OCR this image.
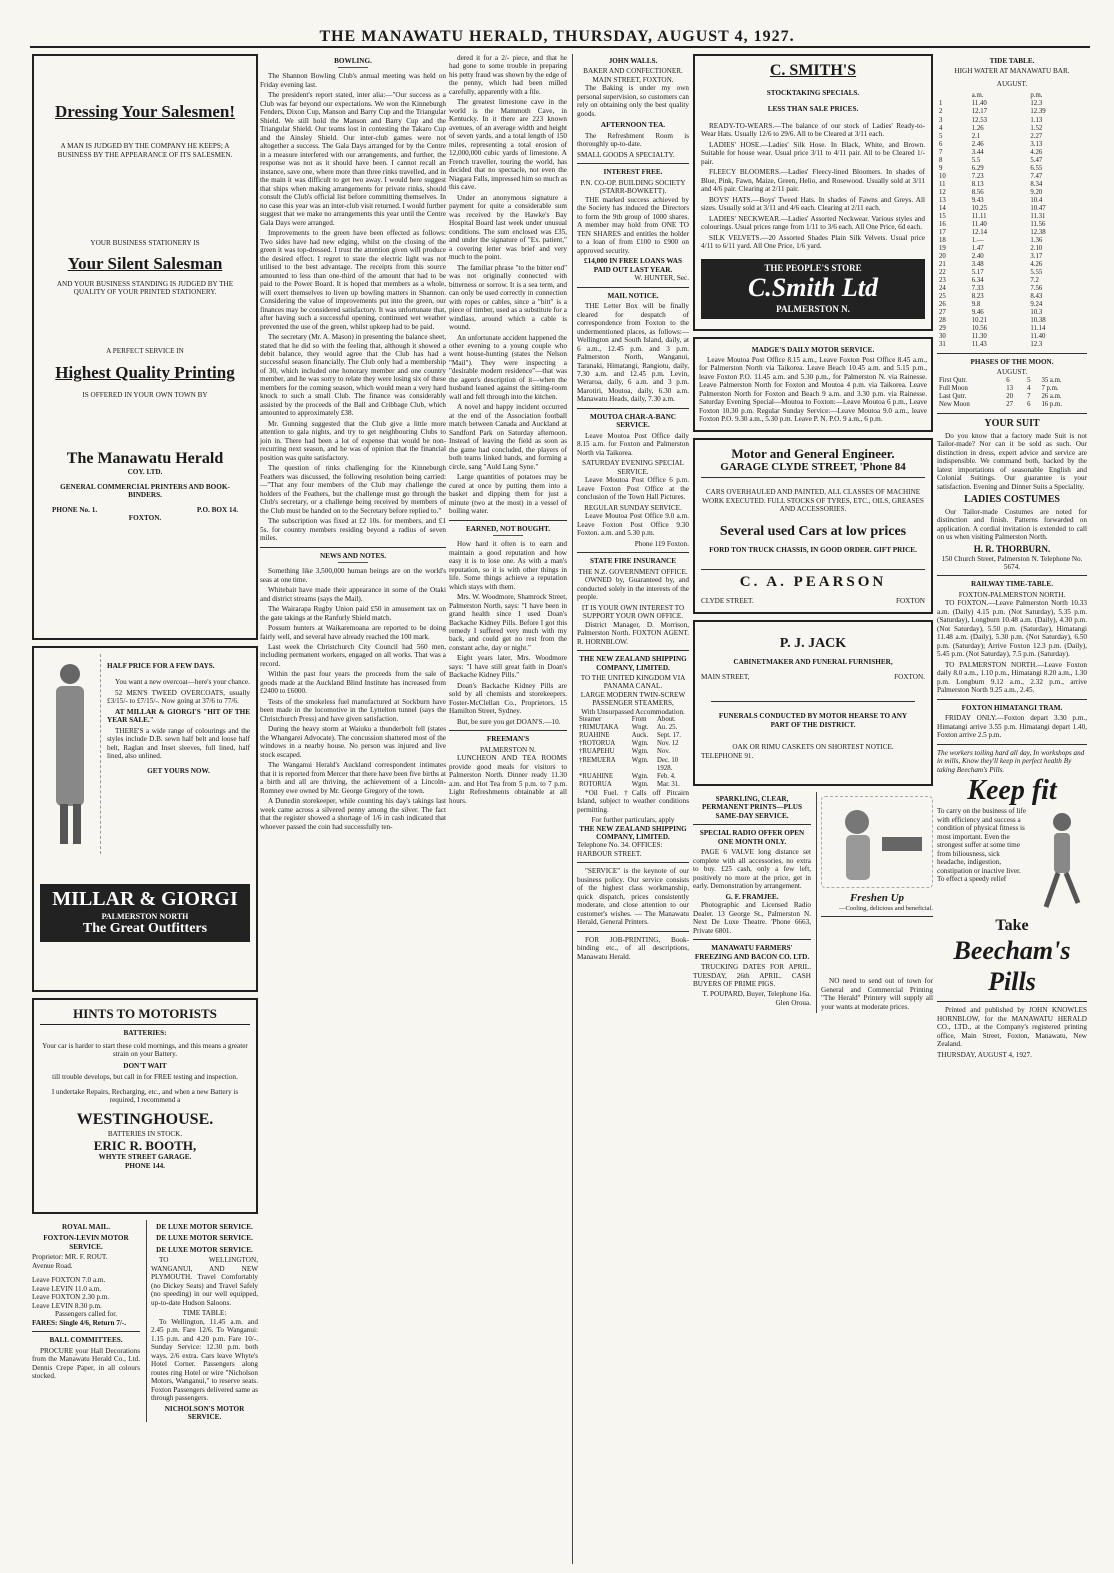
THE MANAWATU HERALD, THURSDAY, AUGUST 4, 1927.
Dressing Your Salesmen!
A MAN IS JUDGED BY THE COMPANY HE KEEPS; A BUSINESS BY THE APPEARANCE OF ITS SALESMEN.
YOUR BUSINESS STATIONERY IS
Your Silent Salesman
AND YOUR BUSINESS STANDING IS JUDGED BY THE QUALITY OF YOUR PRINTED STATIONERY.
A PERFECT SERVICE IN
Highest Quality Printing
IS OFFERED IN YOUR OWN TOWN BY
The Manawatu Herald
COY. LTD.
GENERAL COMMERCIAL PRINTERS AND BOOK-BINDERS.
PHONE No. 1.	P.O. BOX 14.
FOXTON.
HALF PRICE FOR A FEW DAYS.

You want a new overcoat—here's your chance.

52 MEN'S TWEED OVERCOATS, usually £3/15/- to £7/15/-. Now going at 37/6 to 77/6.

AT MILLAR & GIORGI'S "HIT OF THE YEAR SALE."

THERE'S a wide range of colourings and the styles include D.B. sewn half belt and loose half belt, Raglan and Inset sleeves, full lined, half lined, also unlined.

GET YOURS NOW.
MILLAR & GIORGI
PALMERSTON NORTH
The Great Outfitters
HINTS TO MOTORISTS
BATTERIES:
Your car is harder to start these cold mornings, and this means a greater strain on your Battery.
DON'T WAIT
till trouble develops, but call in for FREE testing and inspection.
I undertake Repairs, Recharging, etc., and when a new Battery is required, I recommend a
WESTINGHOUSE.
BATTERIES IN STOCK.
ERIC R. BOOTH,
WHYTE STREET GARAGE.
PHONE 144.
ROYAL MAIL.
FOXTON-LEVIN MOTOR SERVICE.
Proprietor: MR. F. ROUT.
Avenue Road.
Leave FOXTON 7.0 a.m.
Leave LEVIN 11.0 a.m.
Leave FOXTON 2.30 p.m.
Leave LEVIN 8.30 p.m.
Passengers called for.
FARES: Single 4/6, Return 7/-.
BALL COMMITTEES.

PROCURE your Hall Decorations from the Manawatu Herald Co., Ltd. Dennis Crepe Paper, in all colours stocked.

DE LUXE MOTOR SERVICE.
DE LUXE MOTOR SERVICE.
DE LUXE MOTOR SERVICE.

TO WELLINGTON, WANGANUI, AND NEW PLYMOUTH. Travel Comfortably (no Dickey Seats) and Travel Safely (no speeding) in our well equipped, up-to-date Hudson Saloons.

TIME TABLE:

To Wellington, 11.45 a.m. and 2.45 p.m. Fare 12/6. To Wanganui: 1.15 p.m. and 4.20 p.m. Fare 10/-. Sunday Service: 12.30 p.m. both ways. 2/6 extra. Cars leave Whyte's Hotel Corner. Passengers along routes ring Hotel or wire "Nicholson Motors, Wanganui," to reserve seats. Foxton Passengers delivered same as through passengers.

NICHOLSON'S MOTOR SERVICE.
BOWLING.

The Shannon Bowling Club's annual meeting was held on Friday evening last.

The president's report stated, inter alia:—"Our success as a Club was far beyond our expectations. We won the Kinneburgh Fenders, Dixon Cup, Manson and Barry Cup and the Triangular Shield. We still hold the Manson and Barry Cup and the Triangular Shield. Our teams lost in contesting the Takaro Cup and the Ainsley Shield. Our inter-club games were not altogether a success. The Gala Days arranged for by the Centre in a measure interfered with our arrangements, and further, the response was not as it should have been. I cannot recall an instance, save one, where more than three rinks travelled, and in the main it was difficult to get two away. I would here suggest that ships when making arrangements for private rinks, should consult the Club's official list before committing themselves. In no case this year was an inter-club visit returned. I would further suggest that we make no arrangements this year until the Centre Gala Days were arranged.

Improvements to the green have been effected as follows: Two sides have had new edging, whilst on the closing of the green it was top-dressed. I trust the attention given will produce the desired effect. I regret to state the electric light was not utilised to the best advantage. The receipts from this source amounted to less than one-third of the amount that had to be paid to the Power Board. It is hoped that members as a whole, will exert themselves to liven up bowling matters in Shannon. Considering the value of improvements put into the green, our finances may be considered satisfactory. It was unfortunate that, after having such a successful opening, continued wet weather prevented the use of the green, whilst upkeep had to be paid.

The secretary (Mr. A. Mason) in presenting the balance sheet, stated that he did so with the feeling that, although it showed a debit balance, they would agree that the Club has had a successful season financially. The Club only had a membership of 30, which included one honorary member and one country member, and he was sorry to relate they were losing six of these members for the coming season, which would mean a very hard knock to such a small Club. The finance was considerably assisted by the proceeds of the Ball and Cribbage Club, which amounted to approximately £38.

Mr. Gunning suggested that the Club give a little more attention to gala nights, and try to get neighbouring Clubs to join in. There had been a lot of expense that would be non-recurring next season, and he was of opinion that the financial position was quite satisfactory.

The question of rinks challenging for the Kinneburgh Feathers was discussed, the following resolution being carried:—"That any four members of the Club may challenge the holders of the Feathers, but the challenge must go through the Club's secretary, or a challenge being received by members of the Club must be handed on to the Secretary before replied to."

The subscription was fixed at £2 10s. for members, and £1 5s. for country members residing beyond a radius of seven miles.

NEWS AND NOTES.

Something like 3,500,000 human beings are on the world's seas at one time.

Whitebait have made their appearance in some of the Otaki and district streams (says the Mail).

The Wairarapa Rugby Union paid £50 in amusement tax on the gate takings at the Ranfurly Shield match.

Possum hunters at Waikaremoana are reported to be doing fairly well, and several have already reached the 100 mark.

Last week the Christchurch City Council had 560 men, including permanent workers, engaged on all works. That was a record.

Within the past four years the proceeds from the sale of goods made at the Auckland Blind Institute has increased from £2400 to £6000.

Tests of the smokeless fuel manufactured at Sockburn have been made in the locomotive in the Lyttelton tunnel (says the Christchurch Press) and have given satisfaction.

During the heavy storm at Waiuku a thunderbolt fell (states the Whangarei Advocate). The concussion shattered most of the windows in a nearby house. No person was injured and live stock escaped.

The Wanganui Herald's Auckland correspondent intimates that it is reported from Mercer that there have been five births at a birth and all are thriving, the achievement of a Lincoln-Romney ewe owned by Mr. George Gregory of the town.

A Dunedin storekeeper, while counting his day's takings last week came across a silvered penny among the silver. The fact that the register showed a shortage of 1/6 in cash indicated that whoever passed the coin had successfully ten-

dered it for a 2/- piece, and that he had gone to some trouble in preparing his petty fraud was shown by the edge of the penny, which had been milled carefully, apparently with a file.

The greatest limestone cave in the world is the Mammoth Cave, in Kentucky. In it there are 223 known avenues, of an average width and height of seven yards, and a total length of 150 miles, representing a total erosion of 12,000,000 cubic yards of limestone. A French traveller, touring the world, has decided that no spectacle, not even the Niagara Falls, impressed him so much as this cave.

Under an anonymous signature a payment for quite a considerable sum was received by the Hawke's Bay Hospital Board last week under unusual conditions. The sum enclosed was £35, and under the signature of "Ex. patient," a covering letter was brief and very much to the point.

The familiar phrase "to the bitter end" was not originally connected with bitterness or sorrow. It is a sea term, and can only be used correctly in connection with ropes or cables, since a "bitt" is a piece of timber, used as a substitute for a windlass, around which a cable is wound.

An unfortunate accident happened the other evening to a young couple who went house-hunting (states the Nelson "Mail"). They were inspecting a "desirable modern residence"—that was the agent's description of it—when the husband leaned against the sitting-room wall and fell through into the kitchen.

A novel and happy incident occurred at the end of the Association football match between Canada and Auckland at Sandford Park on Saturday afternoon. Instead of leaving the field as soon as the game had concluded, the players of both teams linked hands, and forming a circle, sang "Auld Lang Syne."

Large quantities of potatoes may be cured at once by putting them into a basket and dipping them for just a minute (two at the most) in a vessel of boiling water.

EARNED, NOT BOUGHT.

How hard it often is to earn and maintain a good reputation and how easy it is to lose one. As with a man's reputation, so it is with other things in life. Some things achieve a reputation which stays with them.

Mrs. W. Woodmore, Shamrock Street, Palmerston North, says: "I have been in grand health since I used Doan's Backache Kidney Pills. Before I got this remedy I suffered very much with my back, and could get no rest from the constant ache, day or night."

Eight years later, Mrs. Woodmore says: "I have still great faith in Doan's Backache Kidney Pills."

Doan's Backache Kidney Pills are sold by all chemists and storekeepers. Foster-McClellan Co., Proprietors, 15 Hamilton Street, Sydney.

But, be sure you get DOAN'S.—10.

FREEMAN'S
PALMERSTON N.

LUNCHEON AND TEA ROOMS provide good meals for visitors to Palmerston North. Dinner ready 11.30 a.m. and Hot Tea from 5 p.m. to 7 p.m. Light Refreshments obtainable at all hours.

JOHN WALLS.
BAKER AND CONFECTIONER.
MAIN STREET, FOXTON.

The Baking is under my own personal supervision, so customers can rely on obtaining only the best quality goods.

AFTERNOON TEA.

The Refreshment Room is thoroughly up-to-date.

SMALL GOODS A SPECIALTY.
INTEREST FREE.
P.N. CO-OP. BUILDING SOCIETY (STARR-BOWKETT).

THE marked success achieved by the Society has induced the Directors to form the 9th group of 1000 shares. A member may hold from ONE TO TEN SHARES and entitles the holder to a loan of from £100 to £900 on approved security.

£14,000 IN FREE LOANS WAS PAID OUT LAST YEAR.
W. HUNTER, Sec.
MAIL NOTICE.

THE Letter Box will be finally cleared for despatch of correspondence from Foxton to the undermentioned places, as follows:— Wellington and South Island, daily, at 6 a.m., 12.45 p.m. and 3 p.m. Palmerston North, Wanganui, Taranaki, Himatangi, Rangiotu, daily, 7.30 a.m. and 12.45 p.m. Levin, Weraroa, daily, 6 a.m. and 3 p.m. Marotiri, Moutoa, daily, 6.30 a.m. Manawatu Heads, daily, 7.30 a.m.

MOUTOA CHAR-A-BANC SERVICE.

Leave Moutoa Post Office daily 8.15 a.m. for Foxton and Palmerston North via Taikorea.

SATURDAY EVENING SPECIAL SERVICE.

Leave Moutoa Post Office 6 p.m. Leave Foxton Post Office at the conclusion of the Town Hall Pictures.

REGULAR SUNDAY SERVICE.

Leave Moutoa Post Office 9.0 a.m. Leave Foxton Post Office 9.30 Foxton. a.m. and 5.30 p.m.

Phone 119 Foxton.
STATE FIRE INSURANCE
THE N.Z. GOVERNMENT OFFICE.

OWNED by, Guaranteed by, and conducted solely in the interests of the people.

IT IS YOUR OWN INTEREST TO SUPPORT YOUR OWN OFFICE.

District Manager, D. Morrison, Palmerston North. FOXTON AGENT. R. HORNBLOW.

THE NEW ZEALAND SHIPPING COMPANY, LIMITED.
TO THE UNITED KINGDOM VIA PANAMA CANAL.
LARGE MODERN TWIN-SCREW PASSENGER STEAMERS,
With Unsurpassed Accommodation.
Steamer	From	About.
†RIMUTAKA	Wngt.	Au. 25.
RUAHINE	Auck.	Sept. 17.
†ROTORUA	Wgtn.	Nov. 12
†RUAPEHU	Wgtn.	Nov.
†REMUERA	Wgtn.	Dec. 10
		1928.
*RUAHINE	Wgtn.	Feb. 4.
ROTORUA	Wgtn.	Mar. 31.

*Oil Fuel. †Calls off Pitcairn Island, subject to weather conditions permitting.

For further particulars, apply
THE NEW ZEALAND SHIPPING COMPANY, LIMITED.
Telephone No. 34. OFFICES: HARBOUR STREET.

"SERVICE" is the keynote of our business policy. Our service consists of the highest class workmanship, quick dispatch, prices consistently moderate, and close attention to our customer's wishes. — The Manawatu Herald, General Printers.

FOR JOB-PRINTING, Book-binding etc., of all descriptions, Manawatu Herald.

C. SMITH'S
STOCKTAKING SPECIALS.
LESS THAN SALE PRICES.

READY-TO-WEARS.—The balance of our stock of Ladies' Ready-to-Wear Hats. Usually 12/6 to 29/6. All to be Cleared at 3/11 each.

LADIES' HOSE.—Ladies' Silk Hose. In Black, White, and Brown. Suitable for house wear. Usual price 3/11 to 4/11 pair. All to be Cleared 1/- pair.

FLEECY BLOOMERS.—Ladies' Fleecy-lined Bloomers. In shades of Blue, Pink, Fawn, Maize, Green, Helio, and Rosewood. Usually sold at 3/11 and 4/6 pair. Clearing at 2/11 pair.

BOYS' HATS.—Boys' Tweed Hats. In shades of Fawns and Greys. All sizes. Usually sold at 3/11 and 4/6 each. Clearing at 2/11 each.

LADIES' NECKWEAR.—Ladies' Assorted Neckwear. Various styles and colourings. Usual prices range from 1/11 to 3/6 each. All One Price, 6d each.

SILK VELVETS.—20 Assorted Shades Plain Silk Velvets. Usual price 4/11 to 6/11 yard. All One Price, 1/6 yard.

THE PEOPLE'S STORE
C.Smith Ltd
PALMERSTON N.
MADGE'S DAILY MOTOR SERVICE.

Leave Moutoa Post Office 8.15 a.m., Leave Foxton Post Office 8.45 a.m., for Palmerston North via Taikorea. Leave Beach 10.45 a.m. and 5.15 p.m., leave Foxton P.O. 11.45 a.m. and 5.30 p.m., for Palmerston N. via Rainesse. Leave Palmerston North for Foxton and Moutoa 4 p.m. via Taikorea. Leave Palmerston North for Foxton and Beach 9 a.m. and 3.30 p.m. via Rainesse. Saturday Evening Special—Moutoa to Foxton:—Leave Moutoa 6 p.m., Leave Foxton 10.30 p.m. Regular Sunday Service:—Leave Moutoa 9.0 a.m., leave Foxton P.O. 9.30 a.m., 5.30 p.m. Leave P. N. P.O. 9 a.m., 6 p.m.

Motor and General Engineer.
GARAGE CLYDE STREET, 'Phone 84
CARS OVERHAULED AND PAINTED, ALL CLASSES OF MACHINE WORK EXECUTED. FULL STOCKS OF TYRES, ETC., OILS, GREASES AND ACCESSORIES.
Several used Cars at low prices
FORD TON TRUCK CHASSIS, IN GOOD ORDER. GIFT PRICE.
C. A. PEARSON
CLYDE STREET.	FOXTON
P. J. JACK
CABINETMAKER AND FUNERAL FURNISHER,
MAIN STREET,	FOXTON.
FUNERALS CONDUCTED BY MOTOR HEARSE TO ANY PART OF THE DISTRICT.
OAK OR RIMU CASKETS ON SHORTEST NOTICE.
TELEPHONE 91.
SPARKLING, CLEAR, PERMANENT PRINTS—PLUS SAME-DAY SERVICE.
SPECIAL RADIO OFFER OPEN ONE MONTH ONLY.

PAGE 6 VALVE long distance set complete with all accessories, no extra to buy. £25 cash, only a few left, positively no more at the price, get in early. Demonstration by arrangement.

G. F. FRAMJEE.

Photographic and Licensed Radio Dealer. 13 George St., Palmerston N. Next De Luxe Theatre. 'Phone 6663, Private 6801.

MANAWATU FARMERS' FREEZING AND BACON CO. LTD.

TRUCKING DATES FOR APRIL. TUESDAY, 26th APRIL. CASH BUYERS OF PRIME PIGS.

T. POUPARD, Buyer, Telephone 16a. Glen Oroua.
Freshen Up
—Cooling, delicious and beneficial.

NO need to send out of town for General and Commercial Printing "The Herald" Printery will supply all your wants at moderate prices.

TIDE TABLE.
HIGH WATER AT MANAWATU BAR.
AUGUST.
	a.m.	p.m.
1	11.40	12.3
2	12.17	12.39
3	12.53	1.13
4	1.26	1.52
5	2.1	2.27
6	2.46	3.13
7	3.44	4.26
8	5.5	5.47
9	6.29	6.55
10	7.23	7.47
11	8.13	8.34
12	8.56	9.20
13	9.43	10.4
14	10.25	10.47
15	11.11	11.31
16	11.40	11.56
17	12.14	12.38
18	1.—	1.36
19	1.47	2.10
20	2.40	3.17
21	3.48	4.26
22	5.17	5.55
23	6.34	7.2
24	7.33	7.56
25	8.23	8.43
26	9.8	9.24
27	9.46	10.3
28	10.21	10.38
29	10.56	11.14
30	11.30	11.40
31	11.43	12.3
PHASES OF THE MOON.
AUGUST.
First Qutr.	6	5	35 a.m.
Full Moon	13	4	7 p.m.
Last Qutr.	20	7	26 a.m.
New Moon	27	6	16 p.m.
YOUR SUIT

Do you know that a factory made Suit is not Tailor-made? Nor can it be sold as such. Our distinction in dress, expert advice and service are indispensible. We command both, backed by the latest importations of seasonable English and Colonial Suitings. Our guarantee is your satisfaction. Evening and Dinner Suits a Speciality.

LADIES COSTUMES

Our Tailor-made Costumes are noted for distinction and finish. Patterns forwarded on application. A cordial invitation is extended to call on us when visiting Palmerston North.

H. R. THORBURN.
150 Church Street, Palmerston N. Telephone No. 5674.
RAILWAY TIME-TABLE.
FOXTON-PALMERSTON NORTH.

TO FOXTON.—Leave Palmerston North 10.33 a.m. (Daily) 4.15 p.m. (Not Saturday), 5.35 p.m. (Saturday), Longburn 10.48 a.m. (Daily), 4.30 p.m. (Not Saturday), 5.50 p.m. (Saturday), Himatangi 11.48 a.m. (Daily), 5.30 p.m. (Not Saturday), 6.50 p.m. (Saturday); Arrive Foxton 12.3 p.m. (Daily), 5.45 p.m. (Not Saturday), 7.5 p.m. (Saturday).

TO PALMERSTON NORTH.—Leave Foxton daily 8.0 a.m., 1.10 p.m., Himatangi 8.20 a.m., 1.30 p.m. Longburn 9.12 a.m., 2.32 p.m., arrive Palmerston North 9.25 a.m., 2.45.

FOXTON HIMATANGI TRAM.

FRIDAY ONLY.—Foxton depart 3.30 p.m., Himatangi arrive 3.55 p.m. Himatangi depart 1.40, Foxton arrive 2.5 p.m.

The workers toiling hard all day, In workshops and in mills, Know they'll keep in perfect health By taking Beecham's Pills.
Keep fit
To carry on the business of life with efficiency and success a condition of physical fitness is most important. Even the strongest suffer at some time from biliousness, sick headache, indigestion, constipation or inactive liver. To effect a speedy relief
Take
Beecham's Pills

Printed and published by JOHN KNOWLES HORNBLOW, for the MANAWATU HERALD CO., LTD., at the Company's registered printing office, Main Street, Foxton, Manawatu, New Zealand.

THURSDAY, AUGUST 4, 1927.
